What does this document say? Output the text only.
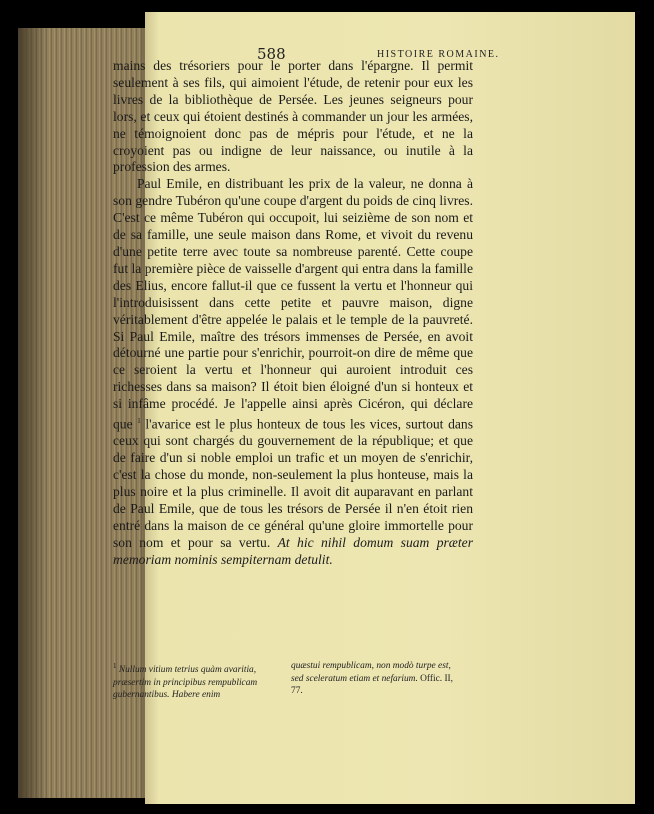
588	HISTOIRE ROMAINE.

mains des trésoriers pour le porter dans l'épargne. Il permit seulement à ses fils, qui aimoient l'étude, de retenir pour eux les livres de la bibliothèque de Persée. Les jeunes seigneurs pour lors, et ceux qui étoient destinés à commander un jour les armées, ne témoignoient donc pas de mépris pour l'étude, et ne la croyoient pas ou indigne de leur naissance, ou inutile à la profession des armes.

Paul Emile, en distribuant les prix de la valeur, ne donna à son gendre Tubéron qu'une coupe d'argent du poids de cinq livres. C'est ce même Tubéron qui occupoit, lui seizième de son nom et de sa famille, une seule maison dans Rome, et vivoit du revenu d'une petite terre avec toute sa nombreuse parenté. Cette coupe fut la première pièce de vaisselle d'argent qui entra dans la famille des Elius, encore fallut-il que ce fussent la vertu et l'honneur qui l'introduisissent dans cette petite et pauvre maison, digne véritablement d'être appelée le palais et le temple de la pauvreté. Si Paul Emile, maître des trésors immenses de Persée, en avoit détourné une partie pour s'enrichir, pourroit-on dire de même que ce seroient la vertu et l'honneur qui auroient introduit ces richesses dans sa maison? Il étoit bien éloigné d'un si honteux et si infâme procédé. Je l'appelle ainsi après Cicéron, qui déclare que $^1$ l'avarice est le plus honteux de tous les vices, surtout dans ceux qui sont chargés du gouvernement de la république; et que de faire d'un si noble emploi un trafic et un moyen de s'enrichir, c'est la chose du monde, non-seulement la plus honteuse, mais la plus noire et la plus criminelle. Il avoit dit auparavant en parlant de Paul Emile, que de tous les trésors de Persée il n'en étoit rien entré dans la maison de ce général qu'une gloire immortelle pour son nom et pour sa vertu. At hic nihil domum suam præter memoriam nominis sempiternam detulit.

$^1$ Nullum vitium tetrius quàm avaritia, præsertim in principibus rempublicam gubernantibus. Habere enim
quæstui rempublicam, non modò turpe est, sed sceleratum etiam et nefarium. Offic. II, 77.
